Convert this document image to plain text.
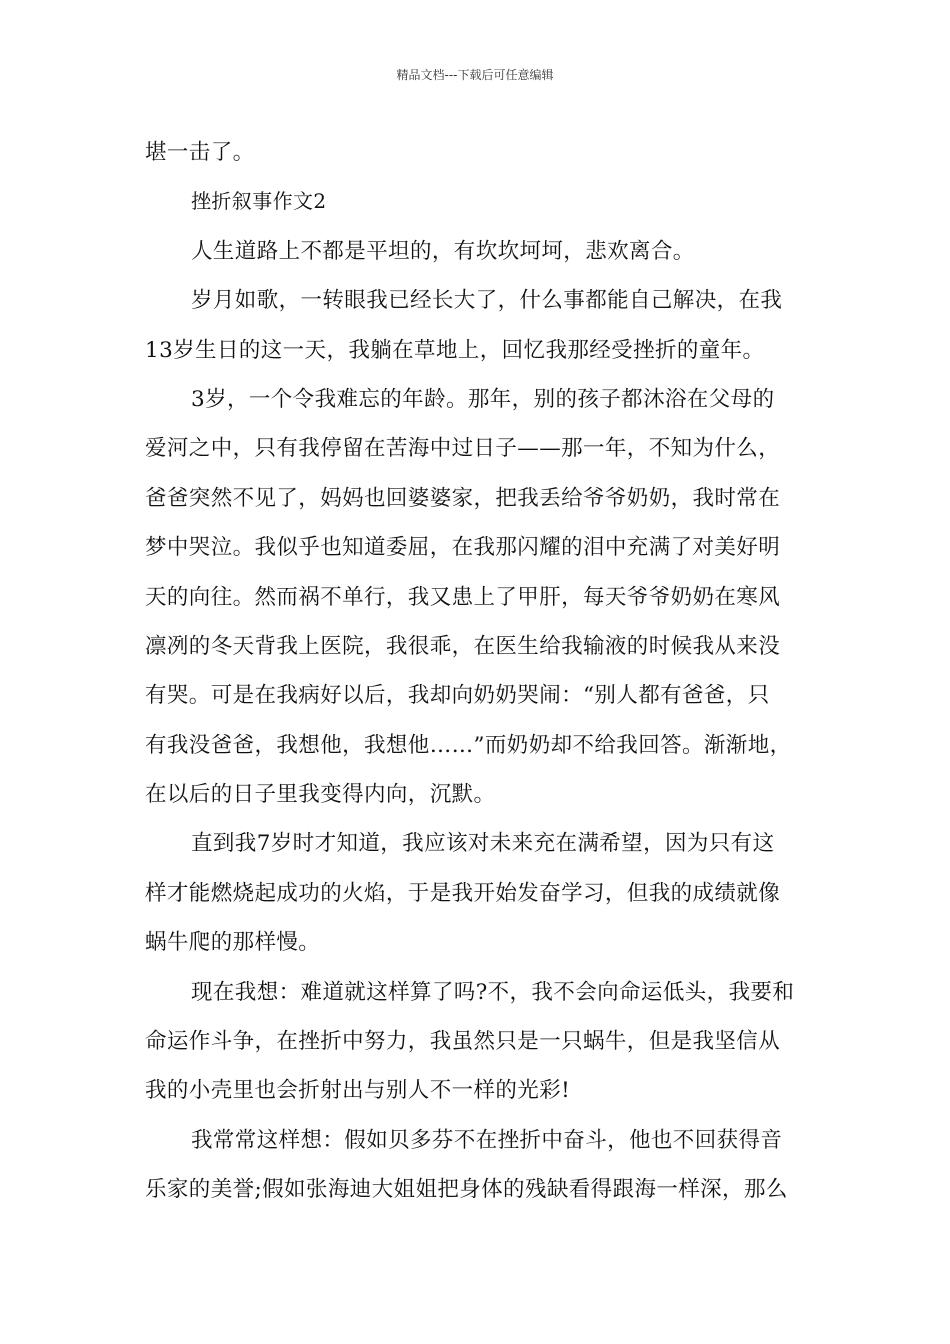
精品文档---下载后可任意编辑
堪一击了。
挫折叙事作文2
人生道路上不都是平坦的，有坎坎坷坷，悲欢离合。
岁月如歌，一转眼我已经长大了，什么事都能自己解决，在我
13岁生日的这一天，我躺在草地上，回忆我那经受挫折的童年。
3岁，一个令我难忘的年龄。那年，别的孩子都沐浴在父母的
爱河之中，只有我停留在苦海中过日子——那一年，不知为什么，
爸爸突然不见了，妈妈也回婆婆家，把我丢给爷爷奶奶，我时常在
梦中哭泣。我似乎也知道委屈，在我那闪耀的泪中充满了对美好明
天的向往。然而祸不单行，我又患上了甲肝，每天爷爷奶奶在寒风
凛冽的冬天背我上医院，我很乖，在医生给我输液的时候我从来没
有哭。可是在我病好以后，我却向奶奶哭闹：“别人都有爸爸，只
有我没爸爸，我想他，我想他……”而奶奶却不给我回答。渐渐地，
在以后的日子里我变得内向，沉默。
直到我7岁时才知道，我应该对未来充在满希望，因为只有这
样才能燃烧起成功的火焰，于是我开始发奋学习，但我的成绩就像
蜗牛爬的那样慢。
现在我想：难道就这样算了吗?不，我不会向命运低头，我要和
命运作斗争，在挫折中努力，我虽然只是一只蜗牛，但是我坚信从
我的小壳里也会折射出与别人不一样的光彩!
我常常这样想：假如贝多芬不在挫折中奋斗，他也不回获得音
乐家的美誉;假如张海迪大姐姐把身体的残缺看得跟海一样深，那么
